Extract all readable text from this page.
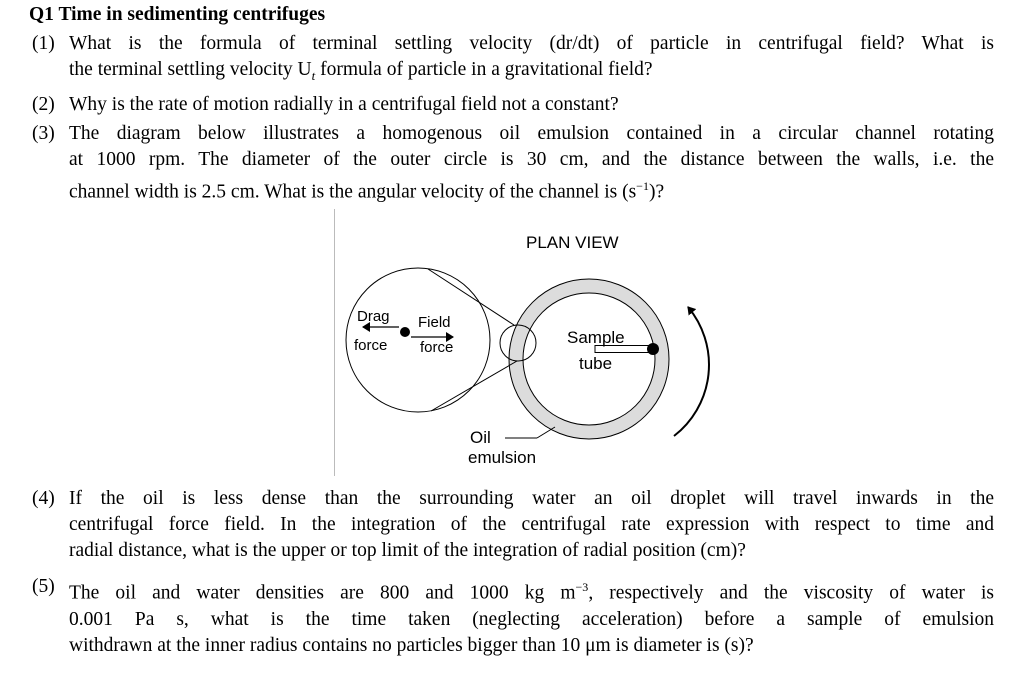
Q1 Time in sedimenting centrifuges
(1) What is the formula of terminal settling velocity (dr/dt) of particle in centrifugal field? What is
the terminal settling velocity $U_t$ formula of particle in a gravitational field?
(2) Why is the rate of motion radially in a centrifugal field not a constant?
(3) The diagram below illustrates a homogenous oil emulsion contained in a circular channel rotating
at 1000 rpm. The diameter of the outer circle is 30 cm, and the distance between the walls, i.e. the
channel width is 2.5 cm. What is the angular velocity of the channel is $(s^{-1})$?
PLAN VIEW
Drag
force
Field
force
Sample
tube
Oil
emulsion
(4) If the oil is less dense than the surrounding water an oil droplet will travel inwards in the
centrifugal force field. In the integration of the centrifugal rate expression with respect to time and
radial distance, what is the upper or top limit of the integration of radial position (cm)?
(5) The oil and water densities are 800 and 1000 kg $m^{-3}$, respectively and the viscosity of water is
0.001 Pa s, what is the time taken (neglecting acceleration) before a sample of emulsion
withdrawn at the inner radius contains no particles bigger than 10 μm is diameter is (s)?
